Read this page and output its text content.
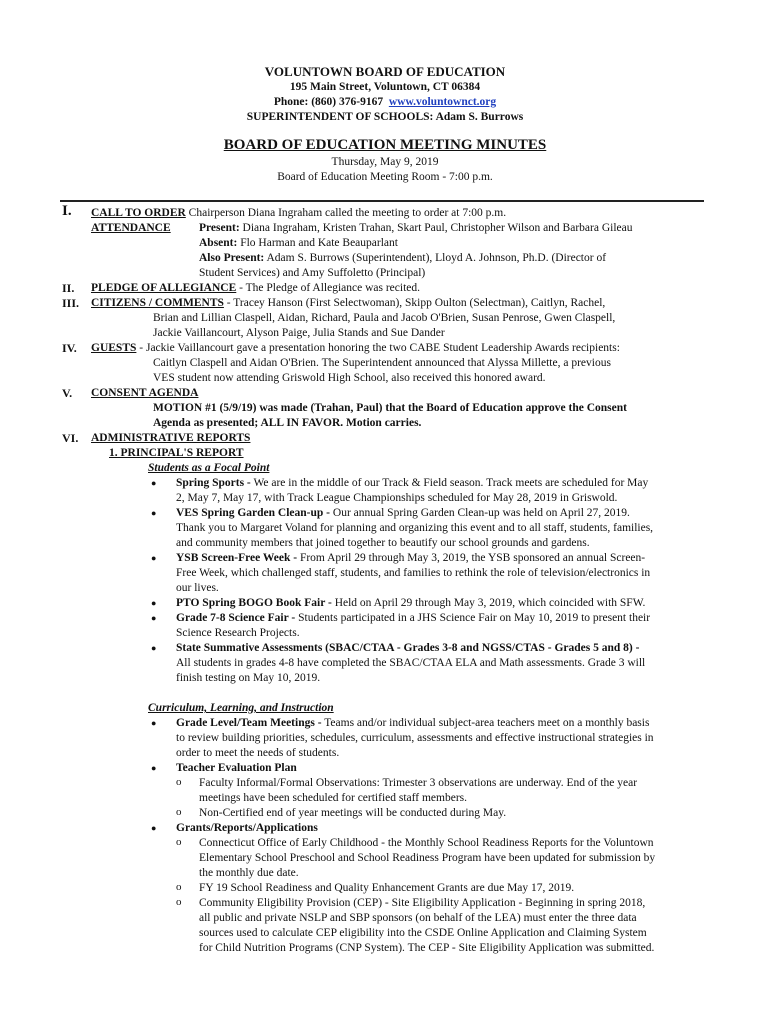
VOLUNTOWN BOARD OF EDUCATION
195 Main Street, Voluntown, CT 06384
Phone: (860) 376-9167 www.voluntownct.org
SUPERINTENDENT OF SCHOOLS: Adam S. Burrows
BOARD OF EDUCATION MEETING MINUTES
Thursday, May 9, 2019
Board of Education Meeting Room - 7:00 p.m.
I. CALL TO ORDER Chairperson Diana Ingraham called the meeting to order at 7:00 p.m.
ATTENDANCE Present: Diana Ingraham, Kristen Trahan, Skart Paul, Christopher Wilson and Barbara Gileau
Absent: Flo Harman and Kate Beauparlant
Also Present: Adam S. Burrows (Superintendent), Lloyd A. Johnson, Ph.D. (Director of
Student Services) and Amy Suffoletto (Principal)
II. PLEDGE OF ALLEGIANCE - The Pledge of Allegiance was recited.
III. CITIZENS / COMMENTS - Tracey Hanson (First Selectwoman), Skipp Oulton (Selectman), Caitlyn, Rachel,
Brian and Lillian Claspell, Aidan, Richard, Paula and Jacob O'Brien, Susan Penrose, Gwen Claspell,
Jackie Vaillancourt, Alyson Paige, Julia Stands and Sue Dander
IV. GUESTS - Jackie Vaillancourt gave a presentation honoring the two CABE Student Leadership Awards recipients:
Caitlyn Claspell and Aidan O'Brien. The Superintendent announced that Alyssa Millette, a previous
VES student now attending Griswold High School, also received this honored award.
V. CONSENT AGENDA
MOTION #1 (5/9/19) was made (Trahan, Paul) that the Board of Education approve the Consent
Agenda as presented; ALL IN FAVOR. Motion carries.
VI. ADMINISTRATIVE REPORTS
1. PRINCIPAL'S REPORT
Students as a Focal Point
● Spring Sports - We are in the middle of our Track & Field season. Track meets are scheduled for May
2, May 7, May 17, with Track League Championships scheduled for May 28, 2019 in Griswold.
● VES Spring Garden Clean-up - Our annual Spring Garden Clean-up was held on April 27, 2019.
Thank you to Margaret Voland for planning and organizing this event and to all staff, students, families,
and community members that joined together to beautify our school grounds and gardens.
● YSB Screen-Free Week - From April 29 through May 3, 2019, the YSB sponsored an annual Screen-
Free Week, which challenged staff, students, and families to rethink the role of television/electronics in
our lives.
● PTO Spring BOGO Book Fair - Held on April 29 through May 3, 2019, which coincided with SFW.
● Grade 7-8 Science Fair - Students participated in a JHS Science Fair on May 10, 2019 to present their
Science Research Projects.
● State Summative Assessments (SBAC/CTAA - Grades 3-8 and NGSS/CTAS - Grades 5 and 8) -
All students in grades 4-8 have completed the SBAC/CTAA ELA and Math assessments. Grade 3 will
finish testing on May 10, 2019.
Curriculum, Learning, and Instruction
● Grade Level/Team Meetings - Teams and/or individual subject-area teachers meet on a monthly basis
to review building priorities, schedules, curriculum, assessments and effective instructional strategies in
order to meet the needs of students.
● Teacher Evaluation Plan
o Faculty Informal/Formal Observations: Trimester 3 observations are underway. End of the year
meetings have been scheduled for certified staff members.
o Non-Certified end of year meetings will be conducted during May.
● Grants/Reports/Applications
o Connecticut Office of Early Childhood - the Monthly School Readiness Reports for the Voluntown
Elementary School Preschool and School Readiness Program have been updated for submission by
the monthly due date.
o FY 19 School Readiness and Quality Enhancement Grants are due May 17, 2019.
o Community Eligibility Provision (CEP) - Site Eligibility Application - Beginning in spring 2018,
all public and private NSLP and SBP sponsors (on behalf of the LEA) must enter the three data
sources used to calculate CEP eligibility into the CSDE Online Application and Claiming System
for Child Nutrition Programs (CNP System). The CEP - Site Eligibility Application was submitted.
